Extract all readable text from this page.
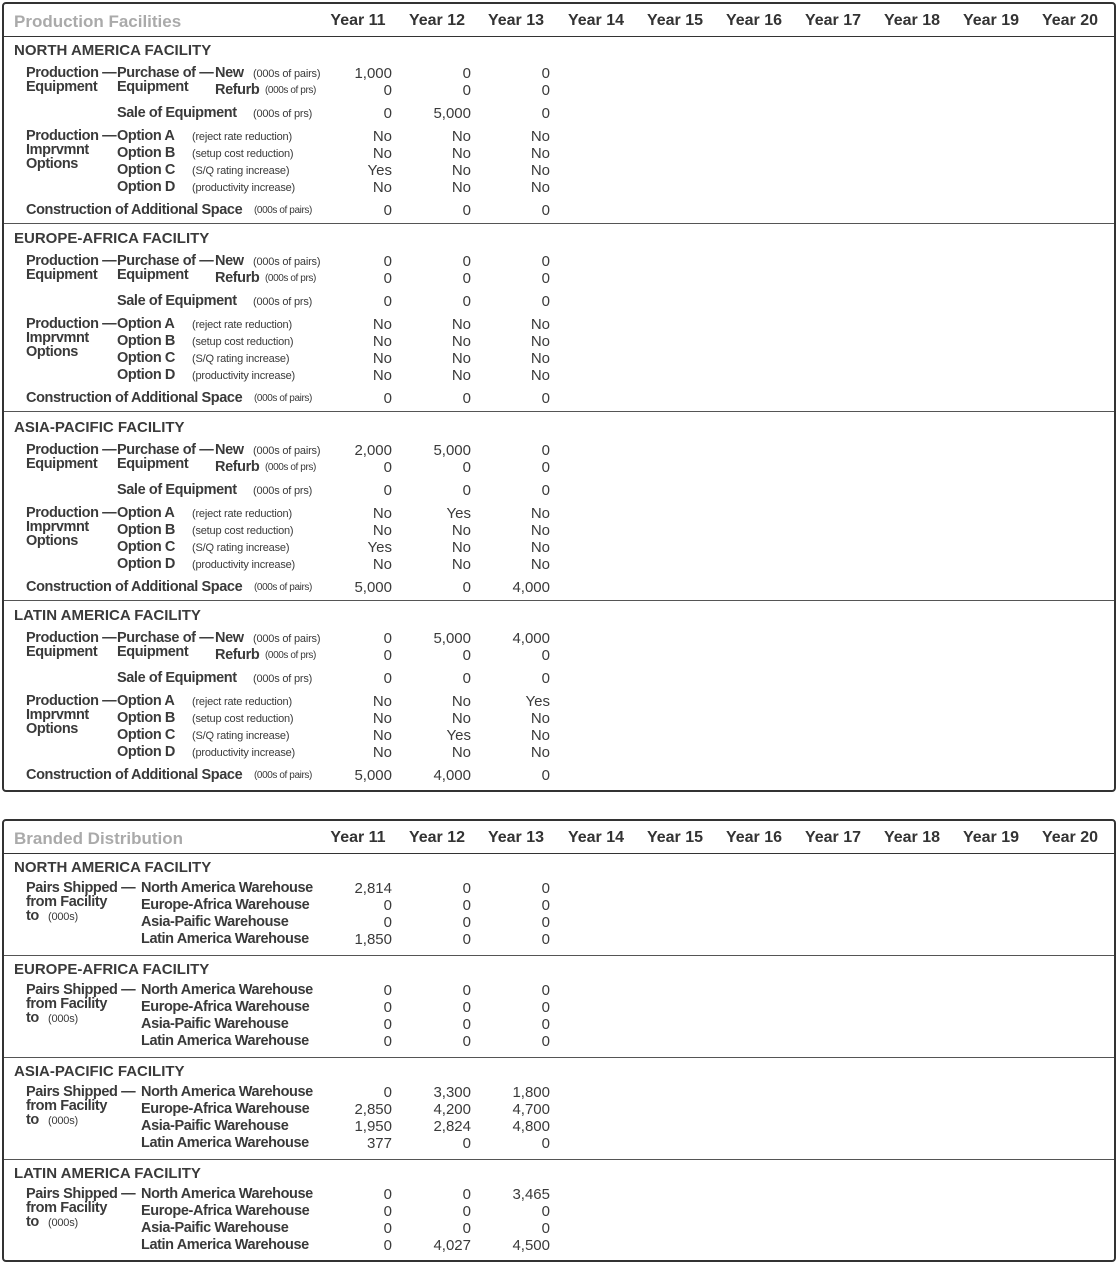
Production Facilities	Year 11 Year 12 Year 13 Year 14 Year 15 Year 16 Year 17 Year 18 Year 19 Year 20
NORTH AMERICA FACILITY
Production —
Equipment
Purchase of —
Equipment
New (000s of pairs)	1,000	0	0
Refurb (000s of prs)	0	0	0
Sale of Equipment (000s of prs)	0	5,000	0
Production —
Imprvmnt
Options
Option A (reject rate reduction)	No	No	No
Option B (setup cost reduction)	No	No	No
Option C (S/Q rating increase)	Yes	No	No
Option D (productivity increase)	No	No	No
Construction of Additional Space (000s of pairs)	0	0	0
EUROPE-AFRICA FACILITY
Production —
Equipment
Purchase of —
Equipment
New (000s of pairs)	0	0	0
Refurb (000s of prs)	0	0	0
Sale of Equipment (000s of prs)	0	0	0
Production —
Imprvmnt
Options
Option A (reject rate reduction)	No	No	No
Option B (setup cost reduction)	No	No	No
Option C (S/Q rating increase)	No	No	No
Option D (productivity increase)	No	No	No
Construction of Additional Space (000s of pairs)	0	0	0
ASIA-PACIFIC FACILITY
Production —
Equipment
Purchase of —
Equipment
New (000s of pairs)	2,000	5,000	0
Refurb (000s of prs)	0	0	0
Sale of Equipment (000s of prs)	0	0	0
Production —
Imprvmnt
Options
Option A (reject rate reduction)	No	Yes	No
Option B (setup cost reduction)	No	No	No
Option C (S/Q rating increase)	Yes	No	No
Option D (productivity increase)	No	No	No
Construction of Additional Space (000s of pairs)	5,000	0	4,000
LATIN AMERICA FACILITY
Production —
Equipment
Purchase of —
Equipment
New (000s of pairs)	0	5,000	4,000
Refurb (000s of prs)	0	0	0
Sale of Equipment (000s of prs)	0	0	0
Production —
Imprvmnt
Options
Option A (reject rate reduction)	No	No	Yes
Option B (setup cost reduction)	No	No	No
Option C (S/Q rating increase)	No	Yes	No
Option D (productivity increase)	No	No	No
Construction of Additional Space (000s of pairs)	5,000	4,000	0
Branded Distribution	Year 11 Year 12 Year 13 Year 14 Year 15 Year 16 Year 17 Year 18 Year 19 Year 20
NORTH AMERICA FACILITY
Pairs Shipped —
from Facility
to (000s)
North America Warehouse	2,814	0	0
Europe-Africa Warehouse	0	0	0
Asia-Paific Warehouse	0	0	0
Latin America Warehouse	1,850	0	0
EUROPE-AFRICA FACILITY
Pairs Shipped —
from Facility
to (000s)
North America Warehouse	0	0	0
Europe-Africa Warehouse	0	0	0
Asia-Paific Warehouse	0	0	0
Latin America Warehouse	0	0	0
ASIA-PACIFIC FACILITY
Pairs Shipped —
from Facility
to (000s)
North America Warehouse	0	3,300	1,800
Europe-Africa Warehouse	2,850	4,200	4,700
Asia-Paific Warehouse	1,950	2,824	4,800
Latin America Warehouse	377	0	0
LATIN AMERICA FACILITY
Pairs Shipped —
from Facility
to (000s)
North America Warehouse	0	0	3,465
Europe-Africa Warehouse	0	0	0
Asia-Paific Warehouse	0	0	0
Latin America Warehouse	0	4,027	4,500
